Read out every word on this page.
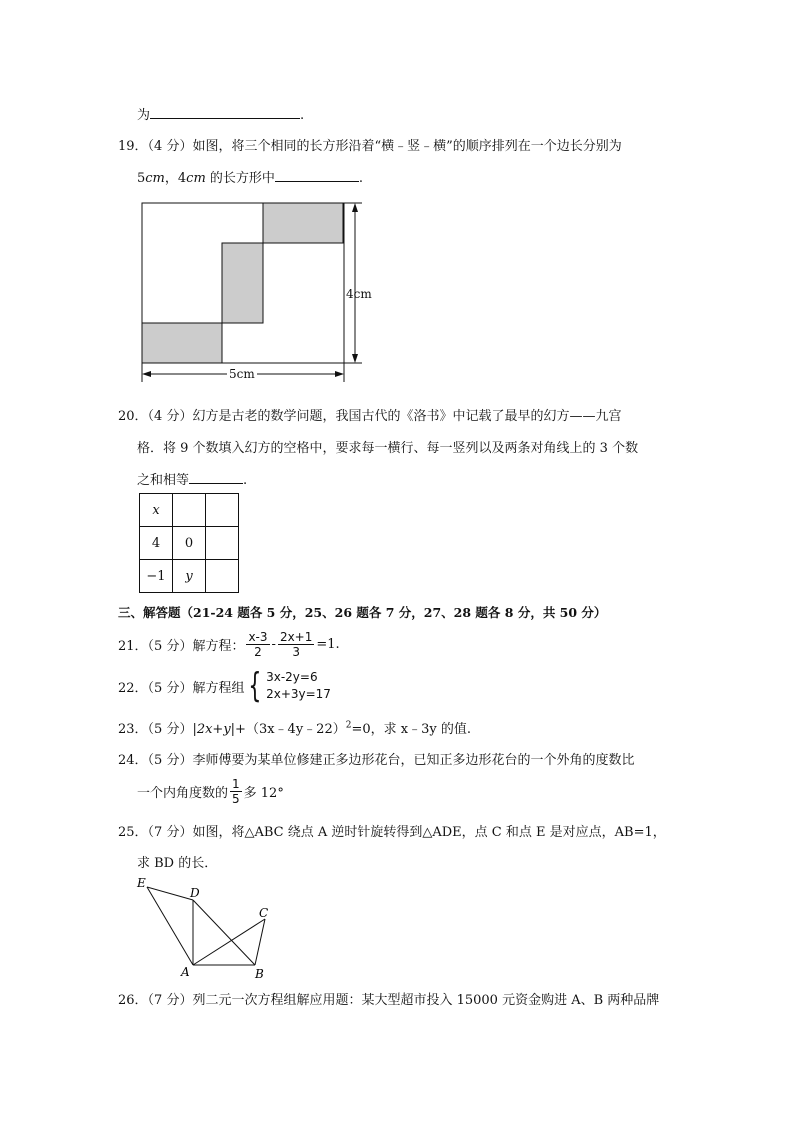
为	.
19．（4 分）如图，将三个相同的长方形沿着“横﹣竖﹣横”的顺序排列在一个边长分别为
5cm，4cm 的长方形中	.
4cm
5cm
20．（4 分）幻方是古老的数学问题，我国古代的《洛书》中记载了最早的幻方——九宫
格．将 9 个数填入幻方的空格中，要求每一横行、每一竖列以及两条对角线上的 3 个数
之和相等	.
x		
4	0	
−1	y	
三、解答题（21-24 题各 5 分，25、26 题各 7 分，27、28 题各 8 分，共 50 分）
21．（5 分）解方程： $\frac{x-3}{2} - \frac{2x+1}{3} =1$.
22．（5 分）解方程组 { 3x-2y=6
2x+3y=17
23．（5 分）|2x+y|+（3x﹣4y﹣22）$^2$=0，求 x﹣3y 的值.
24．（5 分）李师傅要为某单位修建正多边形花台，已知正多边形花台的一个外角的度数比
一个内角度数的 $\frac{1}{5}$ 多 12°
25．（7 分）如图，将△ABC 绕点 A 逆时针旋转得到△ADE，点 C 和点 E 是对应点，AB=1，
求 BD 的长．
E
D
C
A	B
26．（7 分）列二元一次方程组解应用题：某大型超市投入 15000 元资金购进 A、B 两种品牌
